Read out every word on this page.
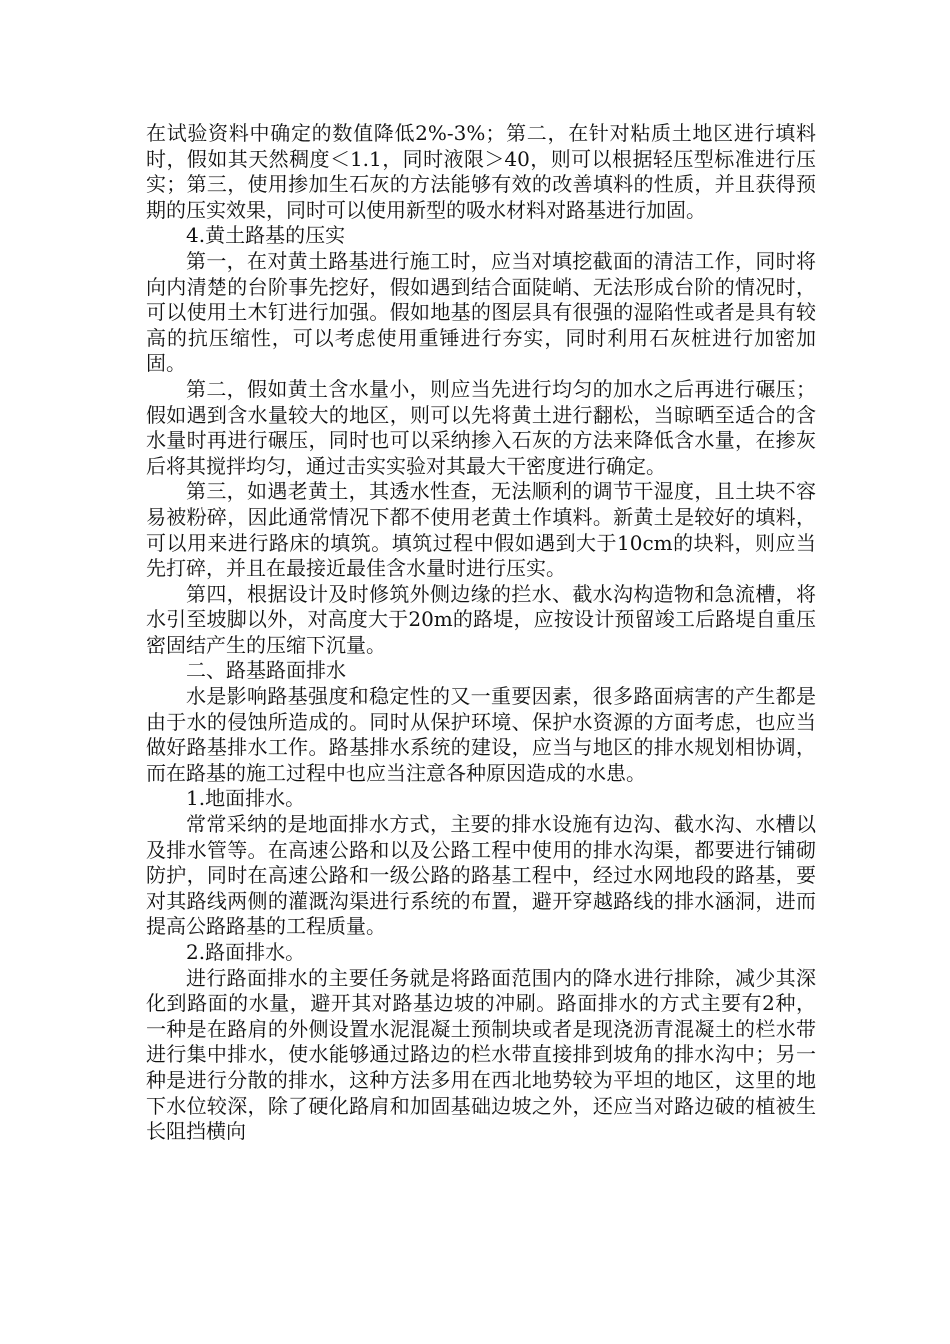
在试验资料中确定的数值降低2%-3%；第二，在针对粘质土地区进行填料时，假如其天然稠度＜1.1，同时液限＞40，则可以根据轻压型标准进行压实；第三，使用掺加生石灰的方法能够有效的改善填料的性质，并且获得预期的压实效果，同时可以使用新型的吸水材料对路基进行加固。

4.黄土路基的压实

第一，在对黄土路基进行施工时，应当对填挖截面的清洁工作，同时将向内清楚的台阶事先挖好，假如遇到结合面陡峭、无法形成台阶的情况时，可以使用土木钉进行加强。假如地基的图层具有很强的湿陷性或者是具有较高的抗压缩性，可以考虑使用重锤进行夯实，同时利用石灰桩进行加密加固。

第二，假如黄土含水量小，则应当先进行均匀的加水之后再进行碾压；假如遇到含水量较大的地区，则可以先将黄土进行翻松，当晾晒至适合的含水量时再进行碾压，同时也可以采纳掺入石灰的方法来降低含水量，在掺灰后将其搅拌均匀，通过击实实验对其最大干密度进行确定。

第三，如遇老黄土，其透水性查，无法顺利的调节干湿度，且土块不容易被粉碎，因此通常情况下都不使用老黄土作填料。新黄土是较好的填料，可以用来进行路床的填筑。填筑过程中假如遇到大于10cm的块料，则应当先打碎，并且在最接近最佳含水量时进行压实。

第四，根据设计及时修筑外侧边缘的拦水、截水沟构造物和急流槽，将水引至坡脚以外，对高度大于20m的路堤，应按设计预留竣工后路堤自重压密固结产生的压缩下沉量。

二、路基路面排水

水是影响路基强度和稳定性的又一重要因素，很多路面病害的产生都是由于水的侵蚀所造成的。同时从保护环境、保护水资源的方面考虑，也应当做好路基排水工作。路基排水系统的建设，应当与地区的排水规划相协调，而在路基的施工过程中也应当注意各种原因造成的水患。

1.地面排水。

常常采纳的是地面排水方式，主要的排水设施有边沟、截水沟、水槽以及排水管等。在高速公路和以及公路工程中使用的排水沟渠，都要进行铺砌防护，同时在高速公路和一级公路的路基工程中，经过水网地段的路基，要对其路线两侧的灌溉沟渠进行系统的布置，避开穿越路线的排水涵洞，进而提高公路路基的工程质量。

2.路面排水。

进行路面排水的主要任务就是将路面范围内的降水进行排除，减少其深化到路面的水量，避开其对路基边坡的冲刷。路面排水的方式主要有2种，一种是在路肩的外侧设置水泥混凝土预制块或者是现浇沥青混凝土的栏水带进行集中排水，使水能够通过路边的栏水带直接排到坡角的排水沟中；另一种是进行分散的排水，这种方法多用在西北地势较为平坦的地区，这里的地下水位较深，除了硬化路肩和加固基础边坡之外，还应当对路边破的植被生长阻挡横向
